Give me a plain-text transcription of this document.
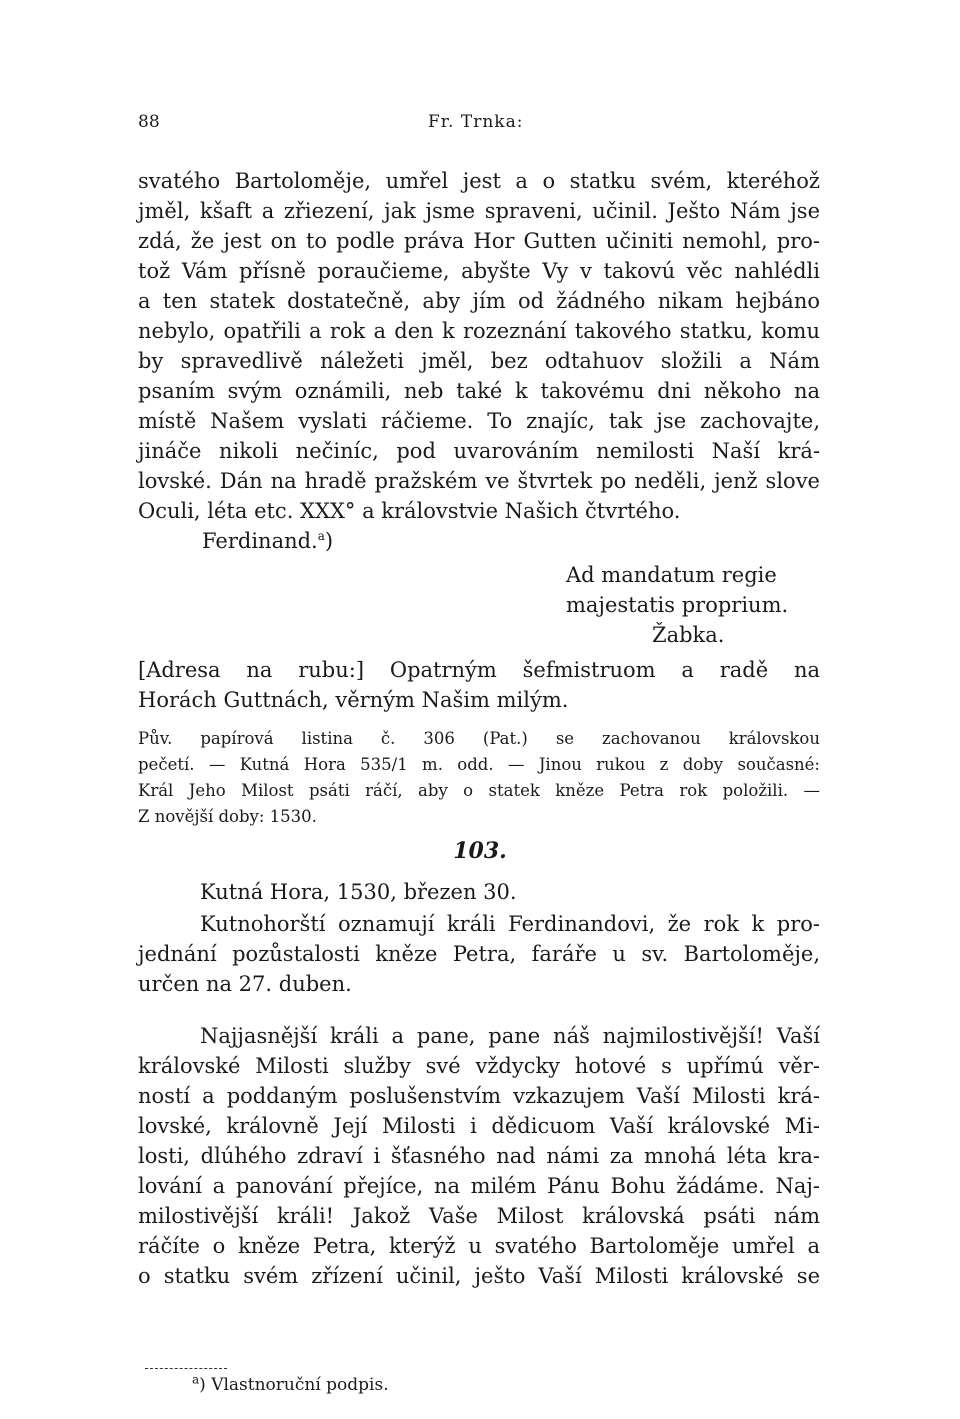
88	Fr. Trnka:
svatého Bartoloměje, umřel jest a o statku svém, kteréhož
jměl, kšaft a zřiezení, jak jsme spraveni, učinil. Ješto Nám jse
zdá, že jest on to podle práva Hor Gutten učiniti nemohl, pro-
tož Vám přísně poraučieme, abyšte Vy v takovú věc nahlédli
a ten statek dostatečně, aby jím od žádného nikam hejbáno
nebylo, opatřili a rok a den k rozeznání takového statku, komu
by spravedlivě náležeti jměl, bez odtahuov složili a Nám
psaním svým oznámili, neb také k takovému dni někoho na
místě Našem vyslati ráčieme. To znajíc, tak jse zachovajte,
jináče nikoli nečiníc, pod uvarováním nemilosti Naší krá-
lovské. Dán na hradě pražském ve štvrtek po neděli, jenž slove
Oculi, léta etc. XXX° a královstvie Našich čtvrtého.
Ferdinand.$^a$)
Ad mandatum regie
majestatis proprium.
Žabka.
[Adresa na rubu:] Opatrným šefmistruom a radě na
Horách Guttnách, věrným Našim milým.
Pův. papírová listina č. 306 (Pat.) se zachovanou královskou
pečetí. — Kutná Hora 535/1 m. odd. — Jinou rukou z doby současné:
Král Jeho Milost psáti ráčí, aby o statek kněze Petra rok položili. —
Z novější doby: 1530.
103.
Kutná Hora, 1530, březen 30.
Kutnohorští oznamují králi Ferdinandovi, že rok k pro-
jednání pozůstalosti kněze Petra, faráře u sv. Bartoloměje,
určen na 27. duben.
Najjasnější králi a pane, pane náš najmilostivější! Vaší
královské Milosti služby své vždycky hotové s upřímú věr-
ností a poddaným poslušenstvím vzkazujem Vaší Milosti krá-
lovské, královně Její Milosti i dědicuom Vaší královské Mi-
losti, dlúhého zdraví i šťasného nad námi za mnohá léta kra-
lování a panování přejíce, na milém Pánu Bohu žádáme. Naj-
milostivější králi! Jakož Vaše Milost královská psáti nám
ráčíte o kněze Petra, kterýž u svatého Bartoloměje umřel a
o statku svém zřízení učinil, ješto Vaší Milosti královské se
$^a$) Vlastnoruční podpis.
